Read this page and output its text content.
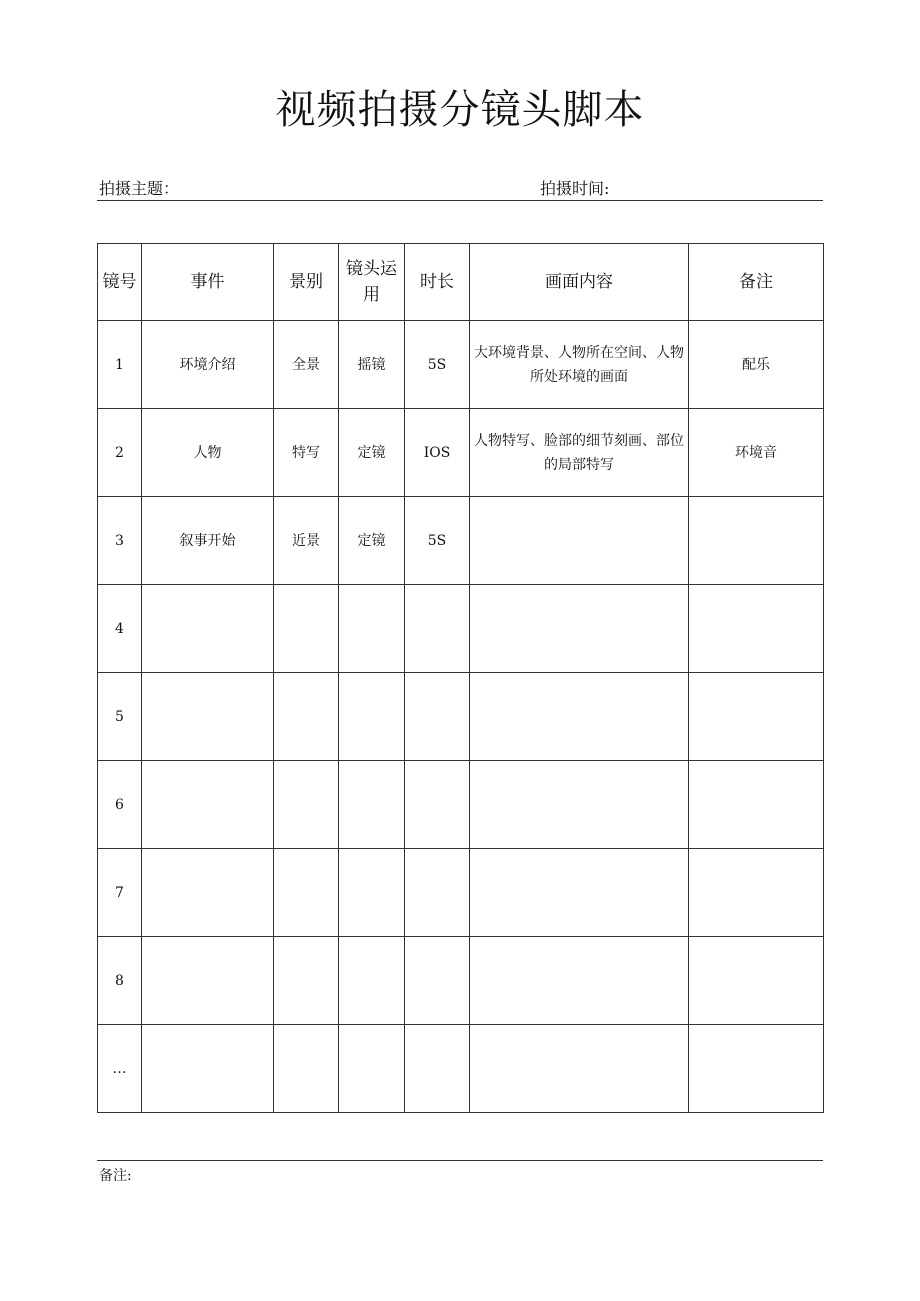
视频拍摄分镜头脚本
拍摄主题：	拍摄时间:
镜号	事件	景别	镜头运用	时长	画面内容	备注
1	环境介绍	全景	摇镜	5S	大环境背景、人物所在空间、人物所处环境的画面	配乐
2	人物	特写	定镜	IOS	人物特写、脸部的细节刻画、部位的局部特写	环境音
3	叙事开始	近景	定镜	5S		
4						
5						
6						
7						
8						
…						
备注:
